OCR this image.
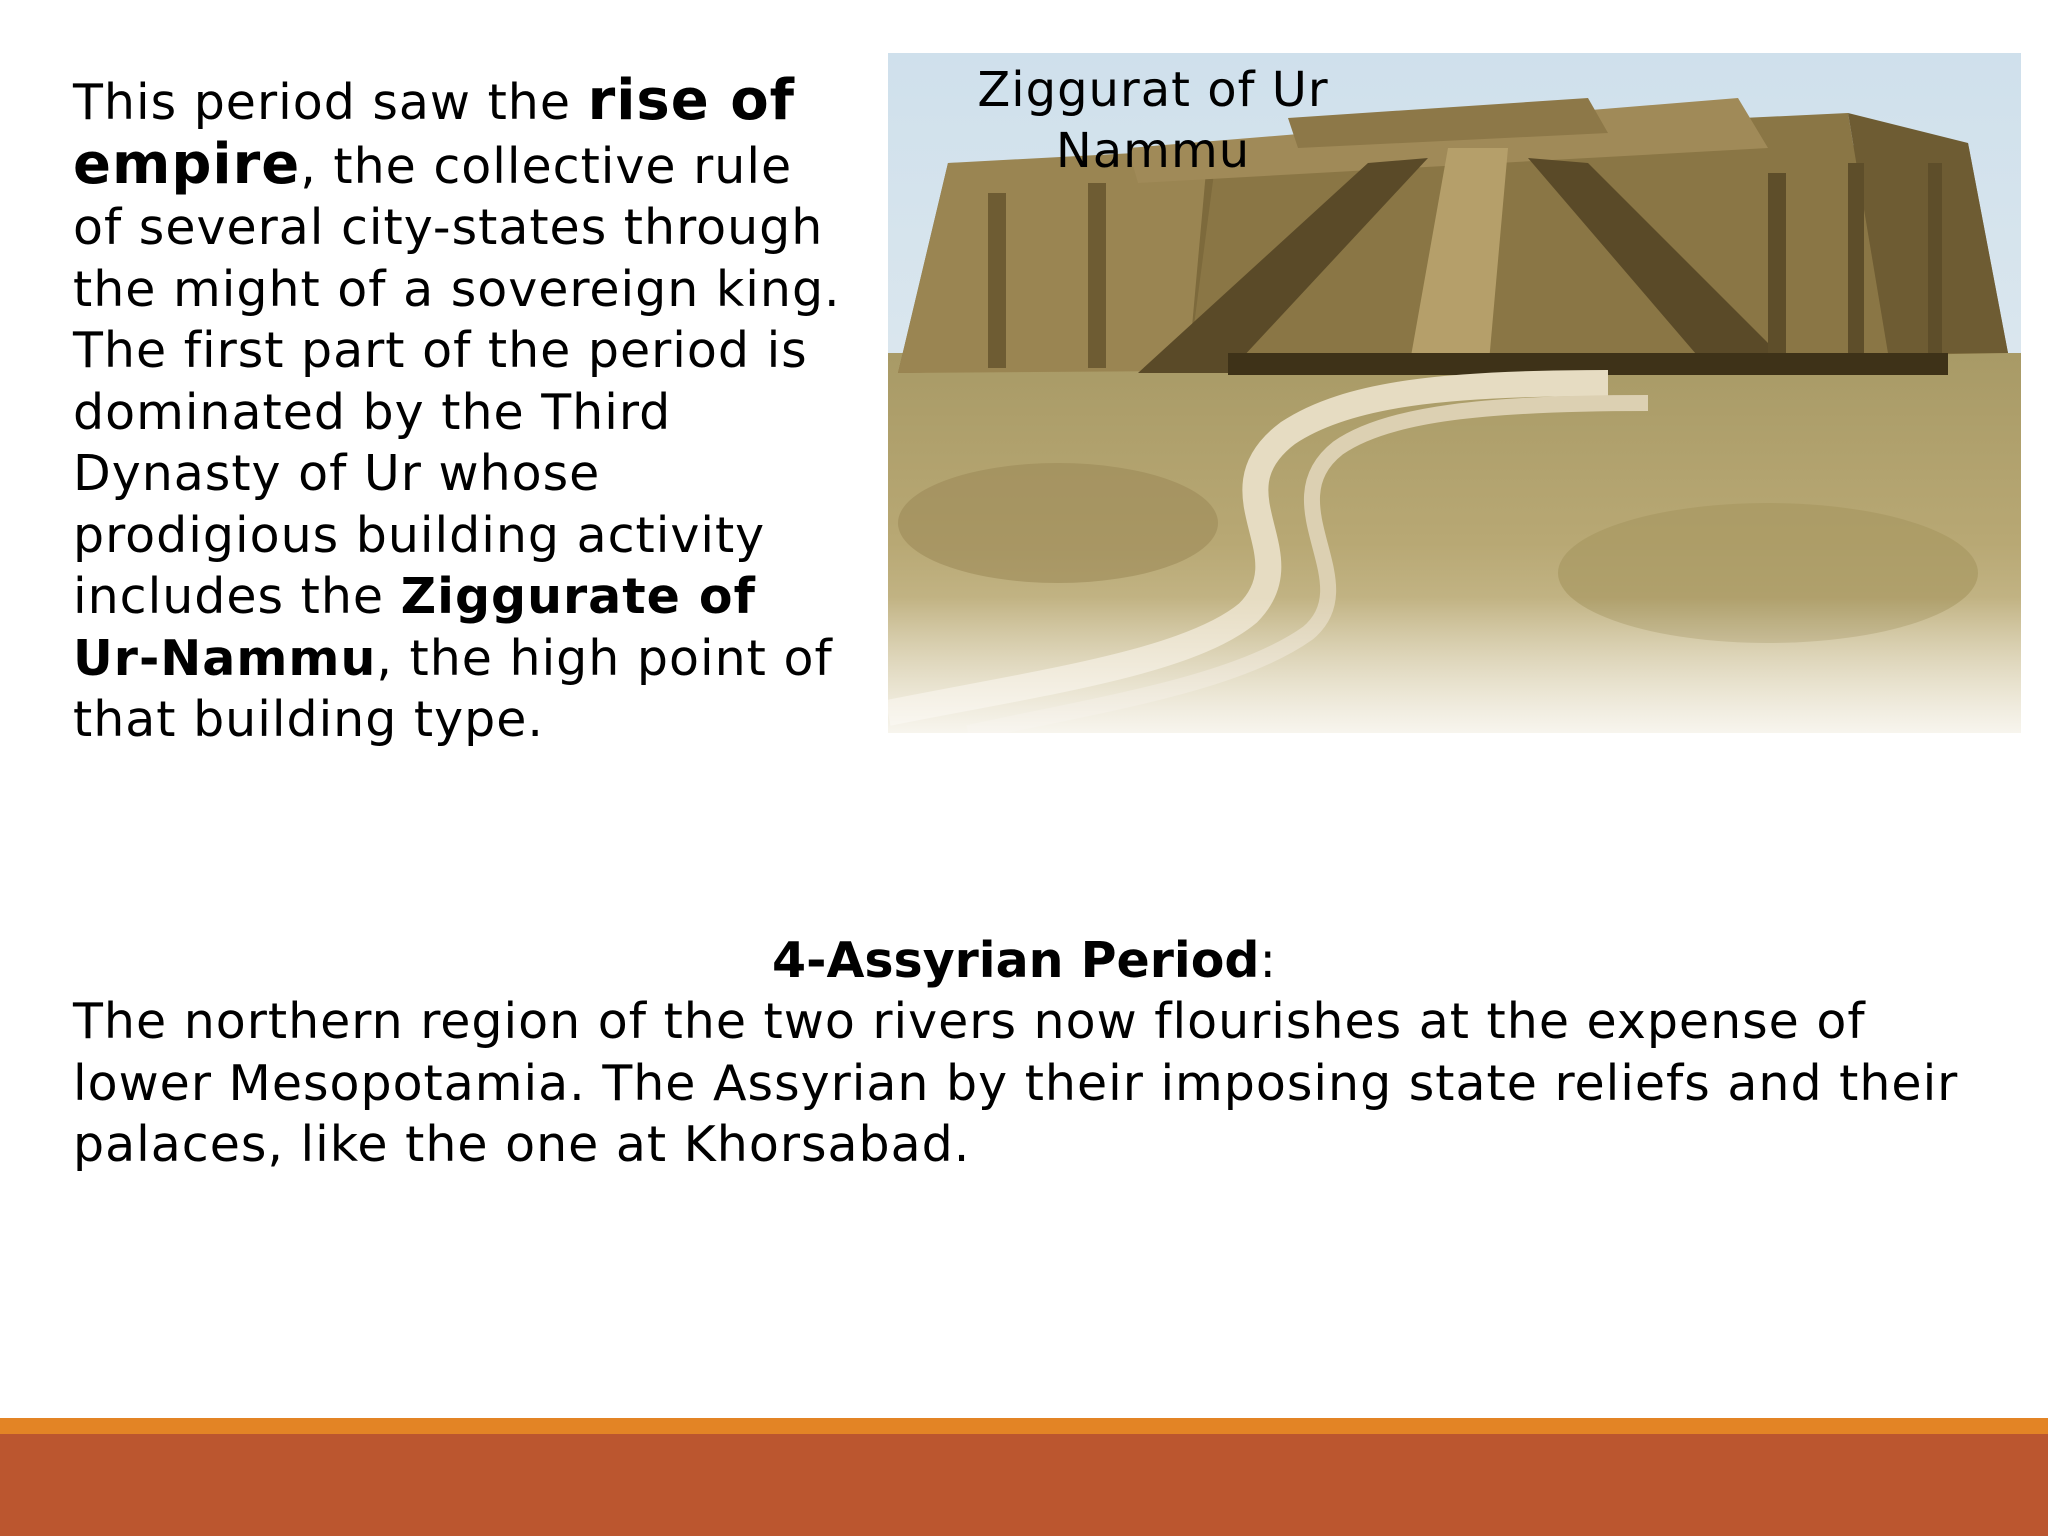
This period saw the rise of empire, the collective rule of several city-states through the might of a sovereign king. The first part of the period is dominated by the Third Dynasty of Ur whose prodigious building activity includes the Ziggurate of Ur-Nammu, the high point of that building type.

Ziggurat of Ur Nammu

4-Assyrian Period:

The northern region of the two rivers now flourishes at the expense of lower Mesopotamia. The Assyrian by their imposing state reliefs and their palaces, like the one at Khorsabad.
